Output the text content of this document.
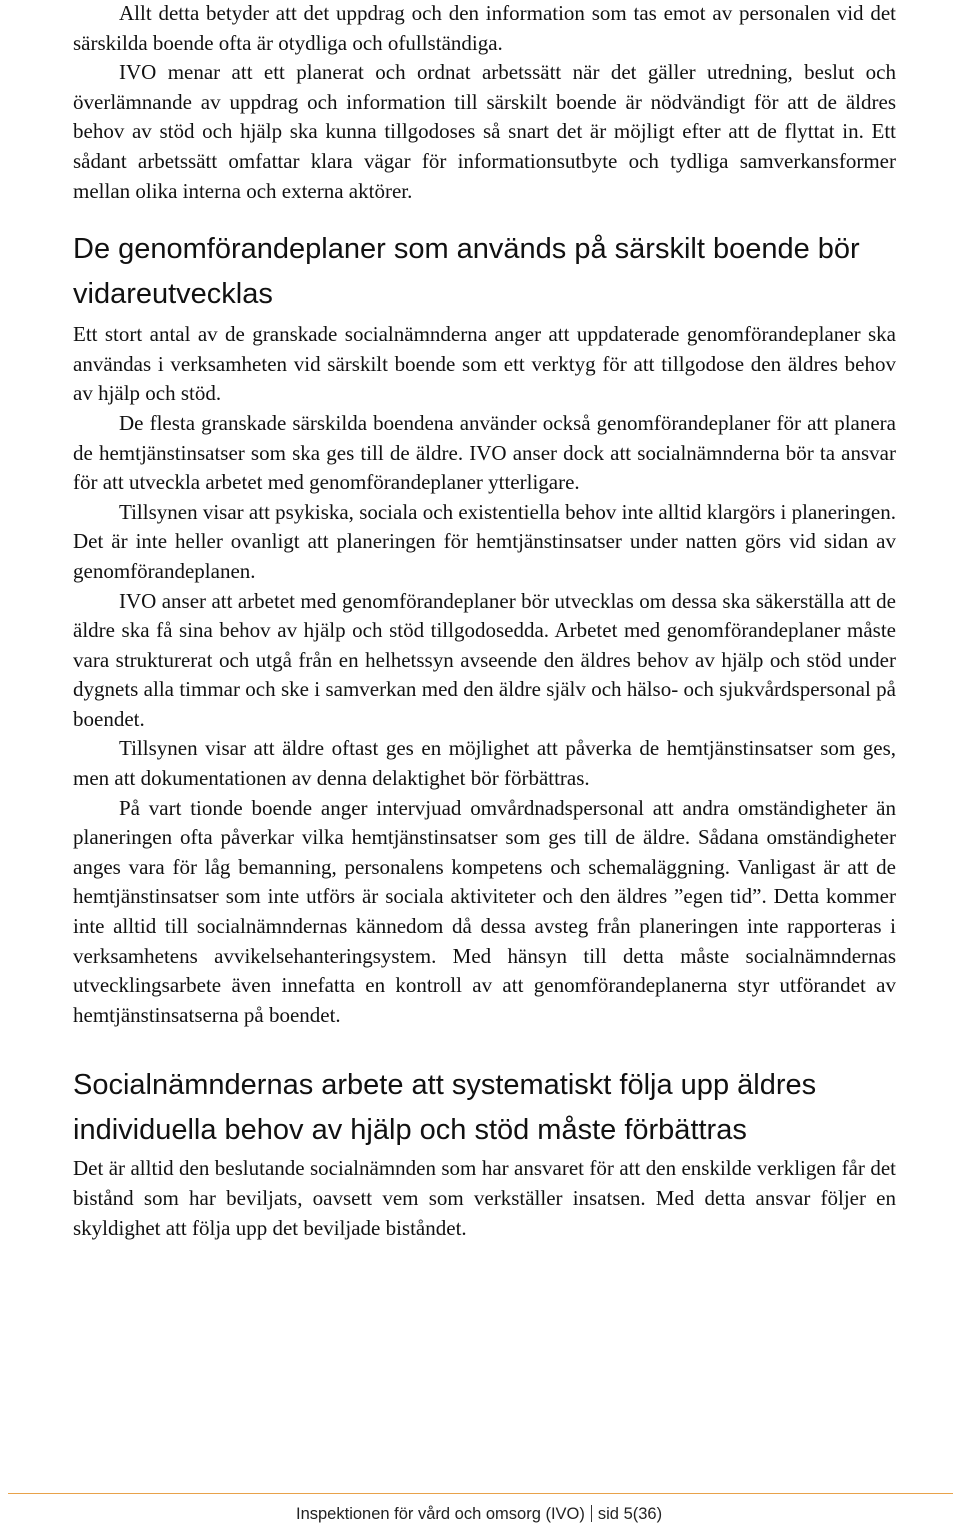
Allt detta betyder att det uppdrag och den information som tas emot av personalen vid det särskilda boende ofta är otydliga och ofullständiga.

IVO menar att ett planerat och ordnat arbetssätt när det gäller utredning, beslut och överlämnande av uppdrag och information till särskilt boende är nödvändigt för att de äldres behov av stöd och hjälp ska kunna tillgodoses så snart det är möjligt efter att de flyttat in. Ett sådant arbetssätt omfattar klara vägar för informationsutbyte och tydliga samverkansformer mellan olika interna och externa aktörer.

De genomförandeplaner som används på särskilt boende bör vidareutvecklas

Ett stort antal av de granskade socialnämnderna anger att uppdaterade genomförandeplaner ska användas i verksamheten vid särskilt boende som ett verktyg för att tillgodose den äldres behov av hjälp och stöd.

De flesta granskade särskilda boendena använder också genomförandeplaner för att planera de hemtjänstinsatser som ska ges till de äldre. IVO anser dock att socialnämnderna bör ta ansvar för att utveckla arbetet med genomförandeplaner ytterligare.

Tillsynen visar att psykiska, sociala och existentiella behov inte alltid klargörs i planeringen. Det är inte heller ovanligt att planeringen för hemtjänstinsatser under natten görs vid sidan av genomförandeplanen.

IVO anser att arbetet med genomförandeplaner bör utvecklas om dessa ska säkerställa att de äldre ska få sina behov av hjälp och stöd tillgodosedda. Arbetet med genomförandeplaner måste vara strukturerat och utgå från en helhetssyn avseende den äldres behov av hjälp och stöd under dygnets alla timmar och ske i samverkan med den äldre själv och hälso- och sjukvårdspersonal på boendet.

Tillsynen visar att äldre oftast ges en möjlighet att påverka de hemtjänstinsatser som ges, men att dokumentationen av denna delaktighet bör förbättras.

På vart tionde boende anger intervjuad omvårdnadspersonal att andra omständigheter än planeringen ofta påverkar vilka hemtjänstinsatser som ges till de äldre. Sådana omständigheter anges vara för låg bemanning, personalens kompetens och schemaläggning. Vanligast är att de hemtjänstinsatser som inte utförs är sociala aktiviteter och den äldres ”egen tid”. Detta kommer inte alltid till socialnämndernas kännedom då dessa avsteg från planeringen inte rapporteras i verksamhetens avvikelsehanteringsystem. Med hänsyn till detta måste socialnämndernas utvecklingsarbete även innefatta en kontroll av att genomförandeplanerna styr utförandet av hemtjänstinsatserna på boendet.

Socialnämndernas arbete att systematiskt följa upp äldres individuella behov av hjälp och stöd måste förbättras

Det är alltid den beslutande socialnämnden som har ansvaret för att den enskilde verkligen får det bistånd som har beviljats, oavsett vem som verkställer insatsen. Med detta ansvar följer en skyldighet att följa upp det beviljade biståndet.

Inspektionen för vård och omsorg (IVO) sid 5(36)
